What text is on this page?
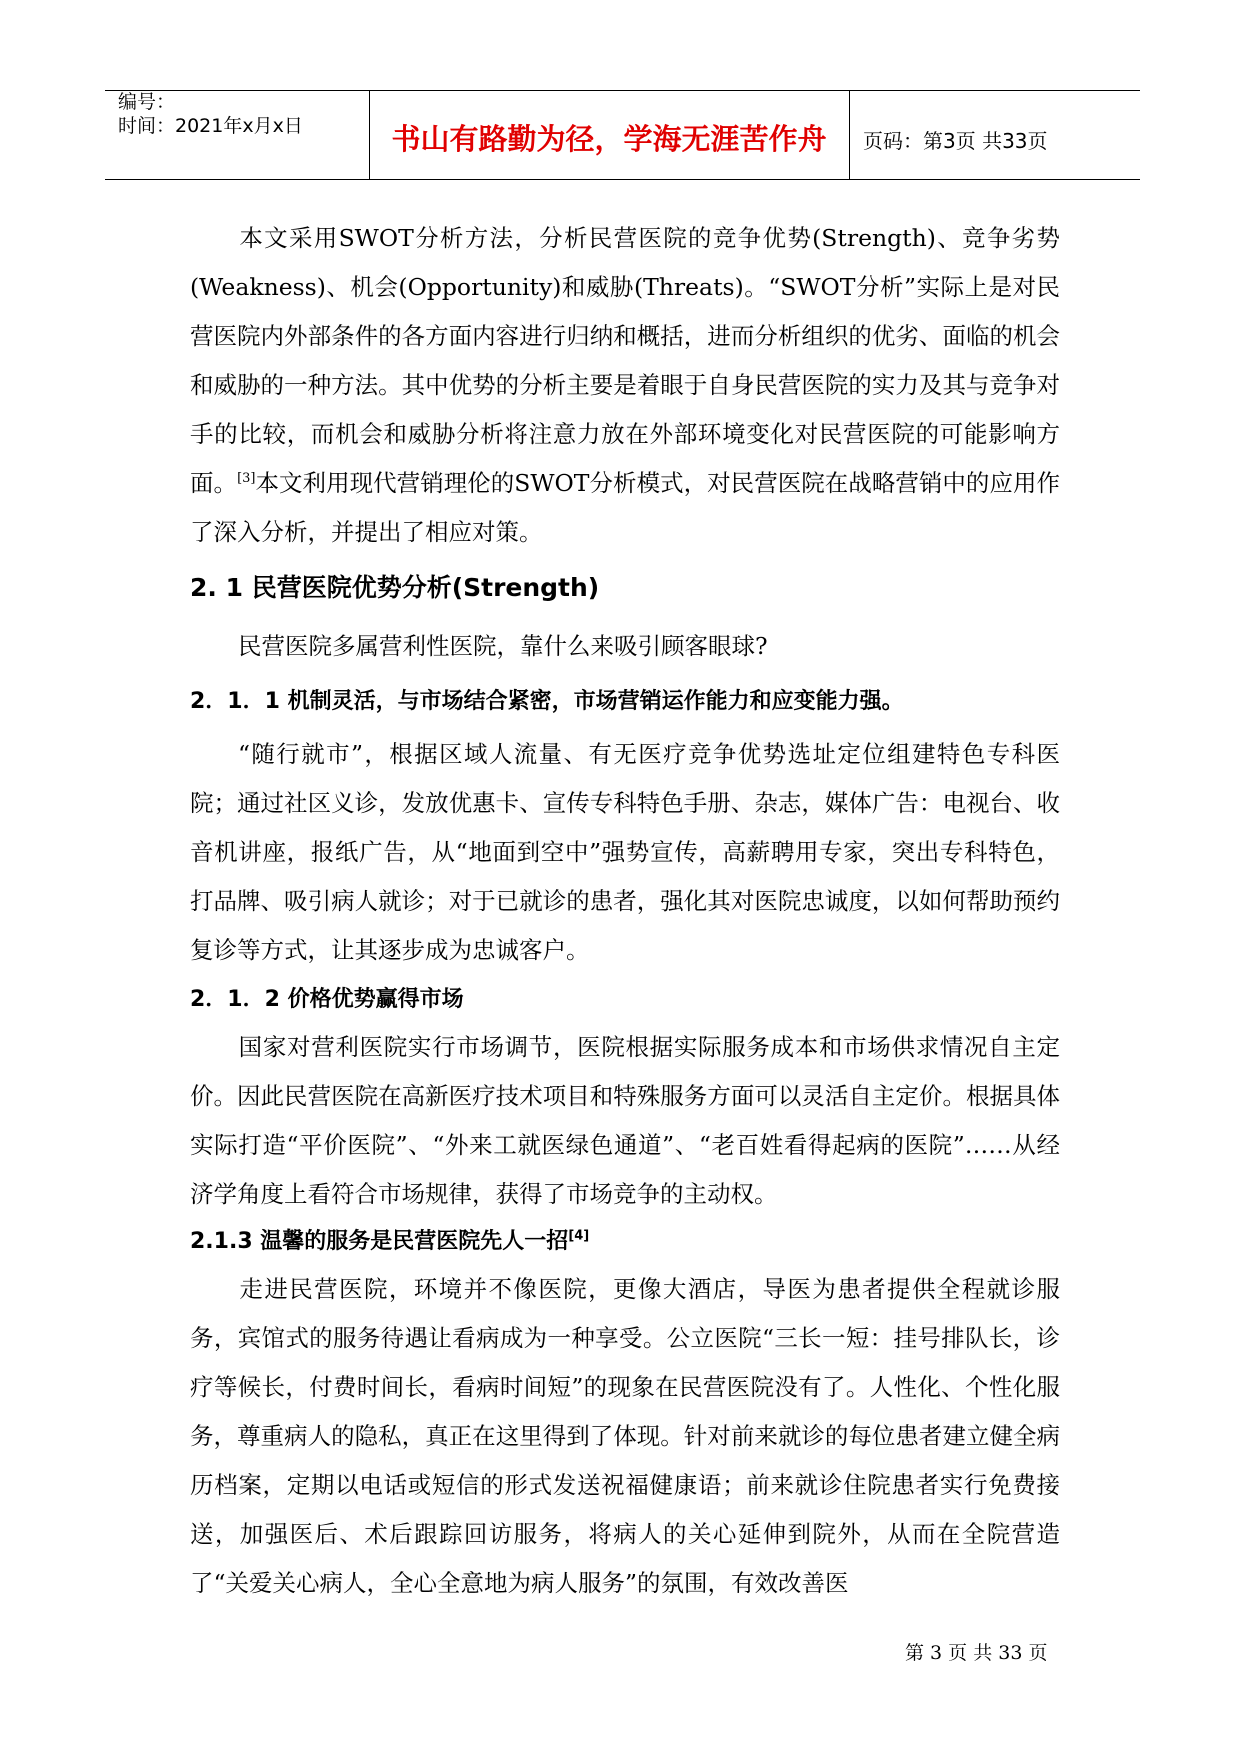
编号：
时间：2021年x月x日	书山有路勤为径，学海无涯苦作舟	页码：第3页 共33页

本文采用SWOT分析方法，分析民营医院的竞争优势(Strength)、竞争劣势(Weakness)、机会(Opportunity)和威胁(Threats)。“SWOT分析”实际上是对民营医院内外部条件的各方面内容进行归纳和概括，进而分析组织的优劣、面临的机会和威胁的一种方法。其中优势的分析主要是着眼于自身民营医院的实力及其与竞争对手的比较，而机会和威胁分析将注意力放在外部环境变化对民营医院的可能影响方面。[3]本文利用现代营销理伦的SWOT分析模式，对民营医院在战略营销中的应用作了深入分析，并提出了相应对策。

2. 1 民营医院优势分析(Strength)

民营医院多属营利性医院，靠什么来吸引顾客眼球?

2．1．1 机制灵活，与市场结合紧密，市场营销运作能力和应变能力强。

“随行就市”，根据区域人流量、有无医疗竞争优势选址定位组建特色专科医院；通过社区义诊，发放优惠卡、宣传专科特色手册、杂志，媒体广告：电视台、收音机讲座，报纸广告，从“地面到空中”强势宣传，高薪聘用专家，突出专科特色，打品牌、吸引病人就诊；对于已就诊的患者，强化其对医院忠诚度，以如何帮助预约复诊等方式，让其逐步成为忠诚客户。

2．1．2 价格优势赢得市场

国家对营利医院实行市场调节，医院根据实际服务成本和市场供求情况自主定价。因此民营医院在高新医疗技术项目和特殊服务方面可以灵活自主定价。根据具体实际打造“平价医院”、“外来工就医绿色通道”、“老百姓看得起病的医院”……从经济学角度上看符合市场规律，获得了市场竞争的主动权。

2.1.3 温馨的服务是民营医院先人一招[4]

走进民营医院，环境并不像医院，更像大酒店，导医为患者提供全程就诊服务，宾馆式的服务待遇让看病成为一种享受。公立医院“三长一短：挂号排队长，诊疗等候长，付费时间长，看病时间短”的现象在民营医院没有了。人性化、个性化服务，尊重病人的隐私，真正在这里得到了体现。针对前来就诊的每位患者建立健全病历档案，定期以电话或短信的形式发送祝福健康语；前来就诊住院患者实行免费接送，加强医后、术后跟踪回访服务，将病人的关心延伸到院外，从而在全院营造了“关爱关心病人，全心全意地为病人服务”的氛围，有效改善医

第 3 页 共 33 页
